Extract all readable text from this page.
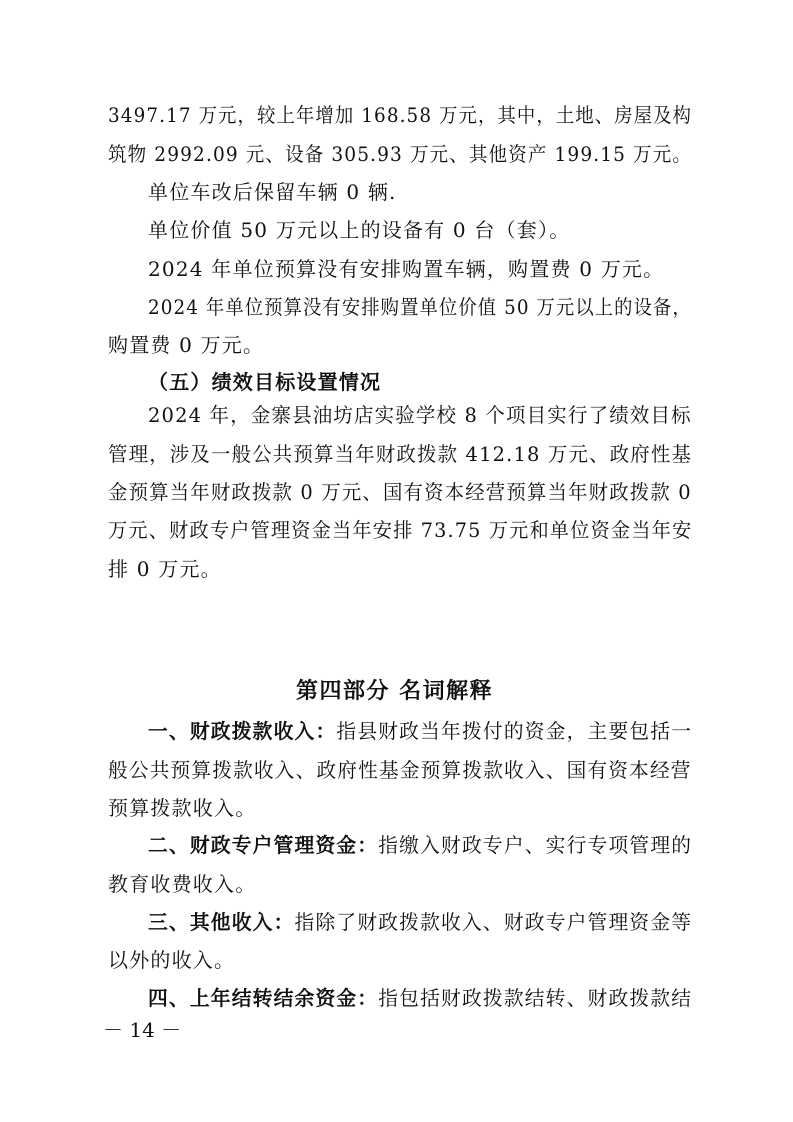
3497.17 万元，较上年增加 168.58 万元，其中，土地、房屋及构
筑物 2992.09 元、设备 305.93 万元、其他资产 199.15 万元。
单位车改后保留车辆 0 辆.
单位价值 50 万元以上的设备有 0 台（套）。
2024 年单位预算没有安排购置车辆，购置费 0 万元。
2024 年单位预算没有安排购置单位价值 50 万元以上的设备，
购置费 0 万元。
（五）绩效目标设置情况
2024 年，金寨县油坊店实验学校 8 个项目实行了绩效目标
管理，涉及一般公共预算当年财政拨款 412.18 万元、政府性基
金预算当年财政拨款 0 万元、国有资本经营预算当年财政拨款 0
万元、财政专户管理资金当年安排 73.75 万元和单位资金当年安
排 0 万元。
第四部分 名词解释
一、财政拨款收入：指县财政当年拨付的资金，主要包括一
般公共预算拨款收入、政府性基金预算拨款收入、国有资本经营
预算拨款收入。
二、财政专户管理资金：指缴入财政专户、实行专项管理的
教育收费收入。
三、其他收入：指除了财政拨款收入、财政专户管理资金等
以外的收入。
四、上年结转结余资金：指包括财政拨款结转、财政拨款结
－ 14 －
